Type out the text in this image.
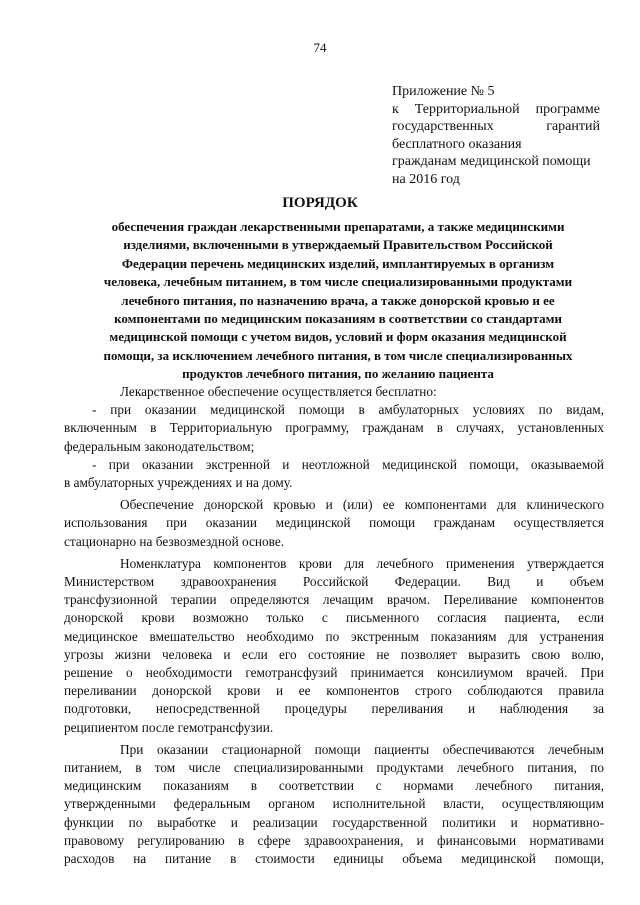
74
Приложение № 5
к Территориальной программе
государственных гарантий
бесплатного оказания
гражданам медицинской помощи
на 2016 год
ПОРЯДОК
обеспечения граждан лекарственными препаратами, а также медицинскими
изделиями, включенными в утверждаемый Правительством Российской
Федерации перечень медицинских изделий, имплантируемых в организм
человека, лечебным питанием, в том числе специализированными продуктами
лечебного питания, по назначению врача, а также донорской кровью и ее
компонентами по медицинским показаниям в соответствии со стандартами
медицинской помощи с учетом видов, условий и форм оказания медицинской
помощи, за исключением лечебного питания, в том числе специализированных
продуктов лечебного питания, по желанию пациента

Лекарственное обеспечение осуществляется бесплатно:
- при оказании медицинской помощи в амбулаторных условиях по видам,
включенным в Территориальную программу, гражданам в случаях, установленных
федеральным законодательством;
- при оказании экстренной и неотложной медицинской помощи, оказываемой
в амбулаторных учреждениях и на дому.

Обеспечение донорской кровью и (или) ее компонентами для клинического
использования при оказании медицинской помощи гражданам осуществляется
стационарно на безвозмездной основе.

Номенклатура компонентов крови для лечебного применения утверждается
Министерством здравоохранения Российской Федерации. Вид и объем
трансфузионной терапии определяются лечащим врачом. Переливание компонентов
донорской крови возможно только с письменного согласия пациента, если
медицинское вмешательство необходимо по экстренным показаниям для устранения
угрозы жизни человека и если его состояние не позволяет выразить свою волю,
решение о необходимости гемотрансфузий принимается консилиумом врачей. При
переливании донорской крови и ее компонентов строго соблюдаются правила
подготовки, непосредственной процедуры переливания и наблюдения за
реципиентом после гемотрансфузии.

При оказании стационарной помощи пациенты обеспечиваются лечебным
питанием, в том числе специализированными продуктами лечебного питания, по
медицинским показаниям в соответствии с нормами лечебного питания,
утвержденными федеральным органом исполнительной власти, осуществляющим
функции по выработке и реализации государственной политики и нормативно-
правовому регулированию в сфере здравоохранения, и финансовыми нормативами
расходов на питание в стоимости единицы объема медицинской помощи,
